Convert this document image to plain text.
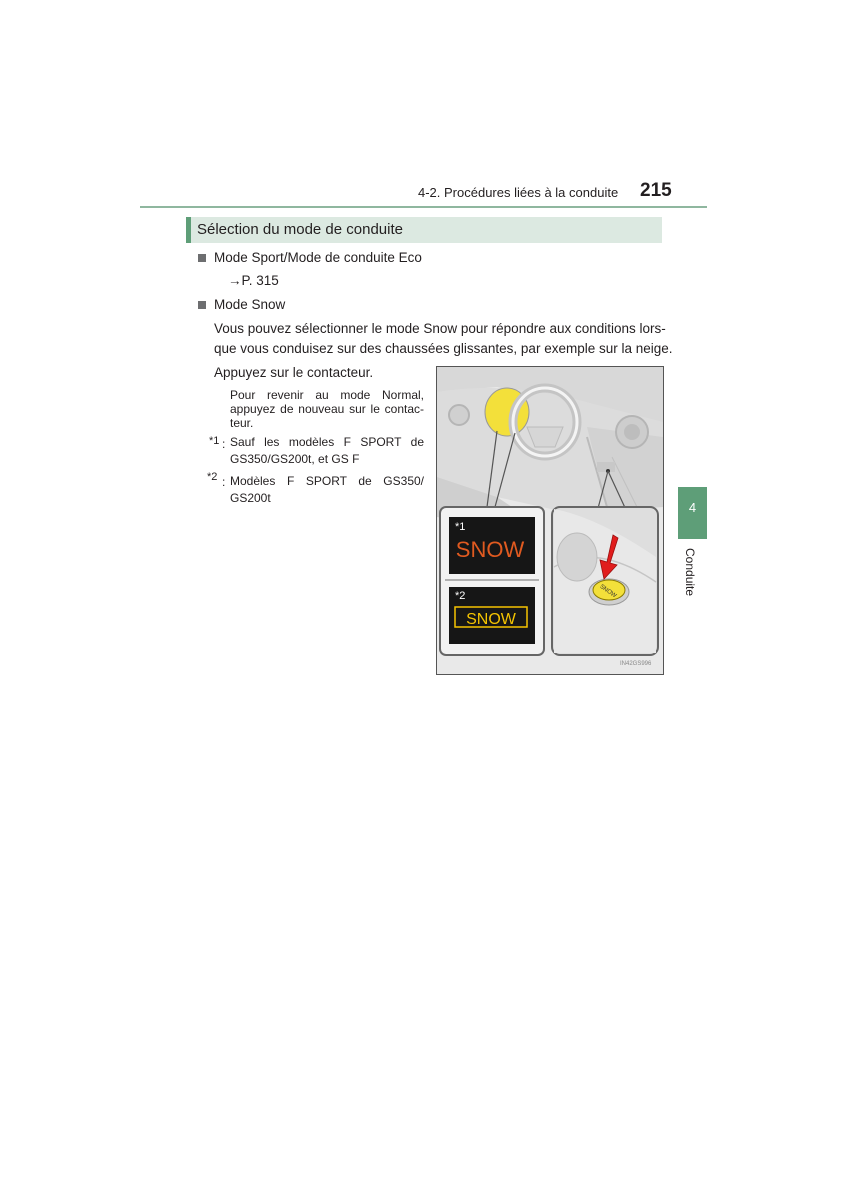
4-2. Procédures liées à la conduite 215
Sélection du mode de conduite
Mode Sport/Mode de conduite Eco
→P. 315
Mode Snow
Vous pouvez sélectionner le mode Snow pour répondre aux conditions lors-
que vous conduisez sur des chaussées glissantes, par exemple sur la neige.
Appuyez sur le contacteur.
Pour revenir au mode Normal, appuyez de nouveau sur le contac-teur.
*1 : Sauf les modèles F SPORT de
GS350/GS200t, et GS F
*2 : Modèles F SPORT de GS350/
GS200t
SNOW
SNOW
SNOW
*1
*2
IN42GS996
4
Conduite
